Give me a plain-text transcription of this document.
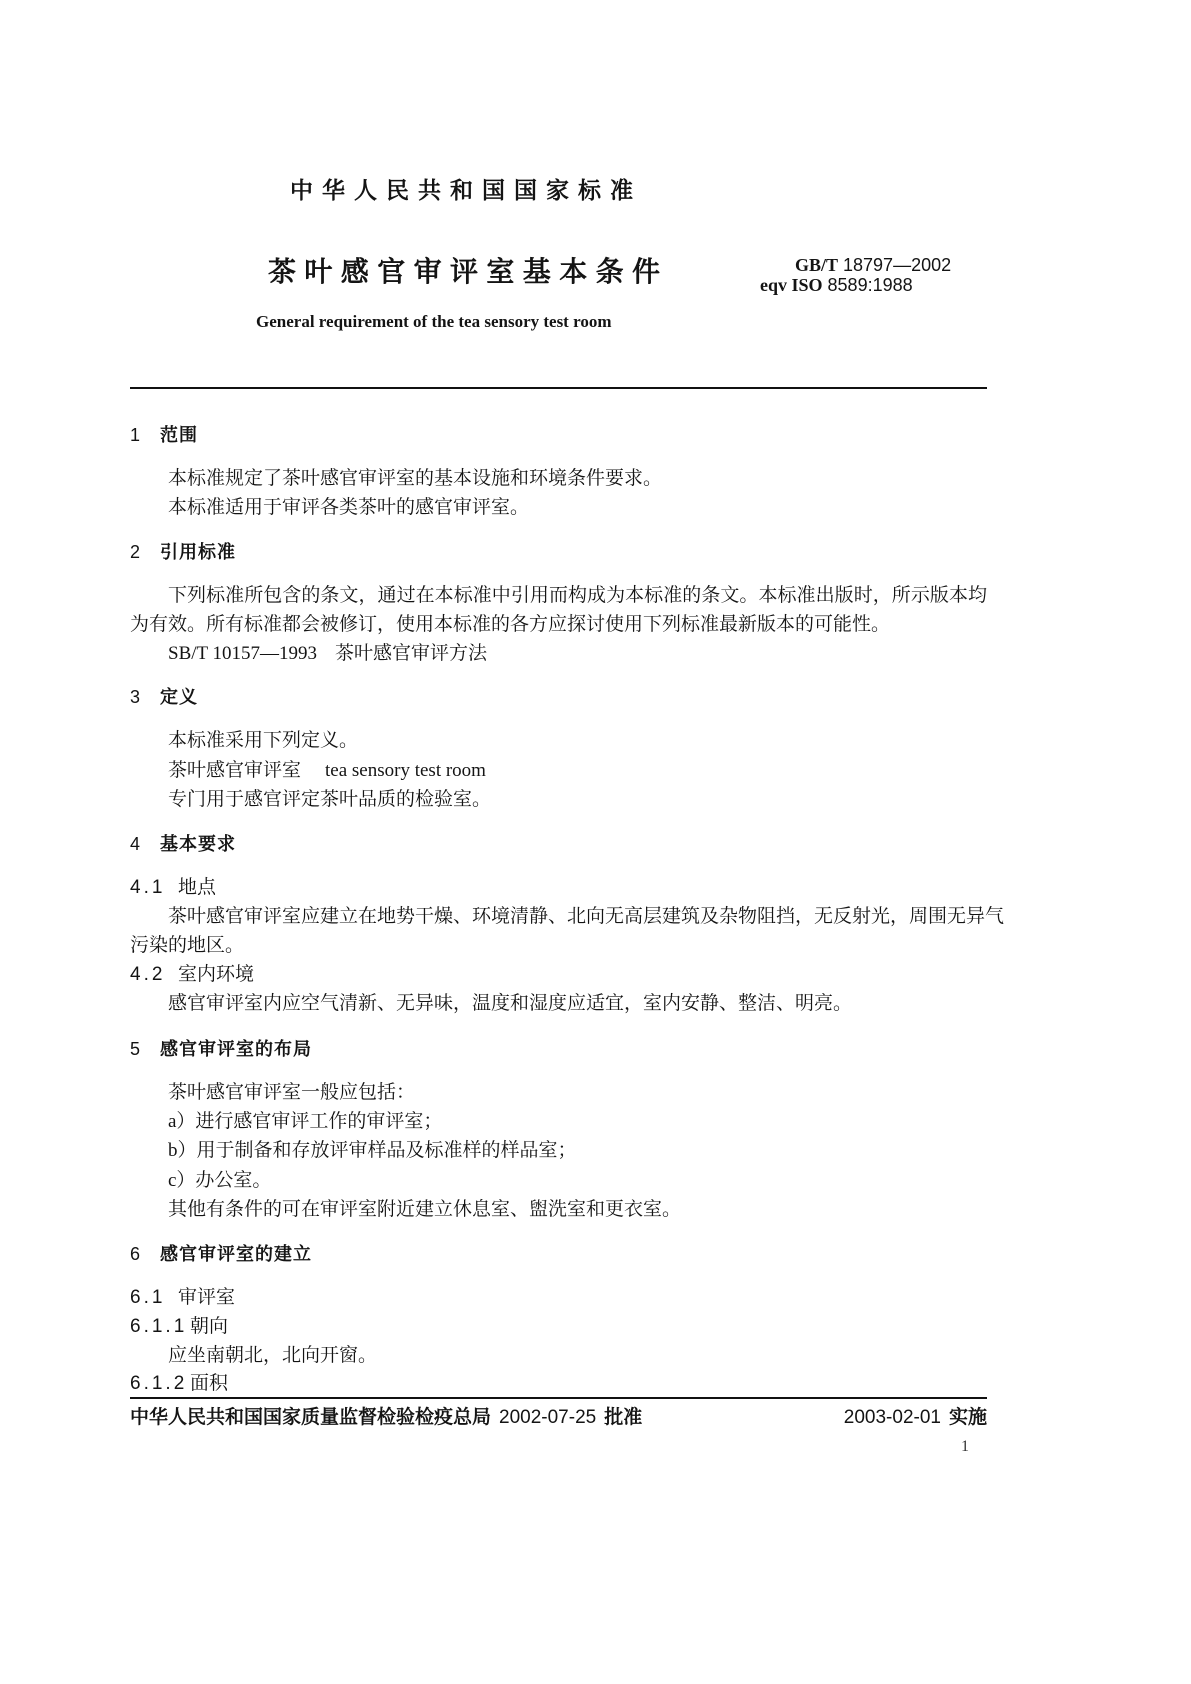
中华人民共和国国家标准
茶叶感官审评室基本条件	GB/T 18797—2002
eqv ISO 8589:1988
General requirement of the tea sensory test room
1 范围
本标准规定了茶叶感官审评室的基本设施和环境条件要求。
本标准适用于审评各类茶叶的感官审评室。
2 引用标准
下列标准所包含的条文，通过在本标准中引用而构成为本标准的条文。本标准出版时，所示版本均
为有效。所有标准都会被修订，使用本标准的各方应探讨使用下列标准最新版本的可能性。
SB/T 10157—1993 茶叶感官审评方法
3 定义
本标准采用下列定义。
茶叶感官审评室 tea sensory test room
专门用于感官评定茶叶品质的检验室。
4 基本要求
4.1 地点
茶叶感官审评室应建立在地势干燥、环境清静、北向无高层建筑及杂物阻挡，无反射光，周围无异气
污染的地区。
4.2 室内环境
感官审评室内应空气清新、无异味，温度和湿度应适宜，室内安静、整洁、明亮。
5 感官审评室的布局
茶叶感官审评室一般应包括：
a）进行感官审评工作的审评室；
b）用于制备和存放评审样品及标准样的样品室；
c）办公室。
其他有条件的可在审评室附近建立休息室、盥洗室和更衣室。
6 感官审评室的建立
6.1 审评室
6.1.1 朝向
应坐南朝北，北向开窗。
6.1.2 面积
中华人民共和国国家质量监督检验检疫总局 2002-07-25 批准	2003-02-01 实施
1
